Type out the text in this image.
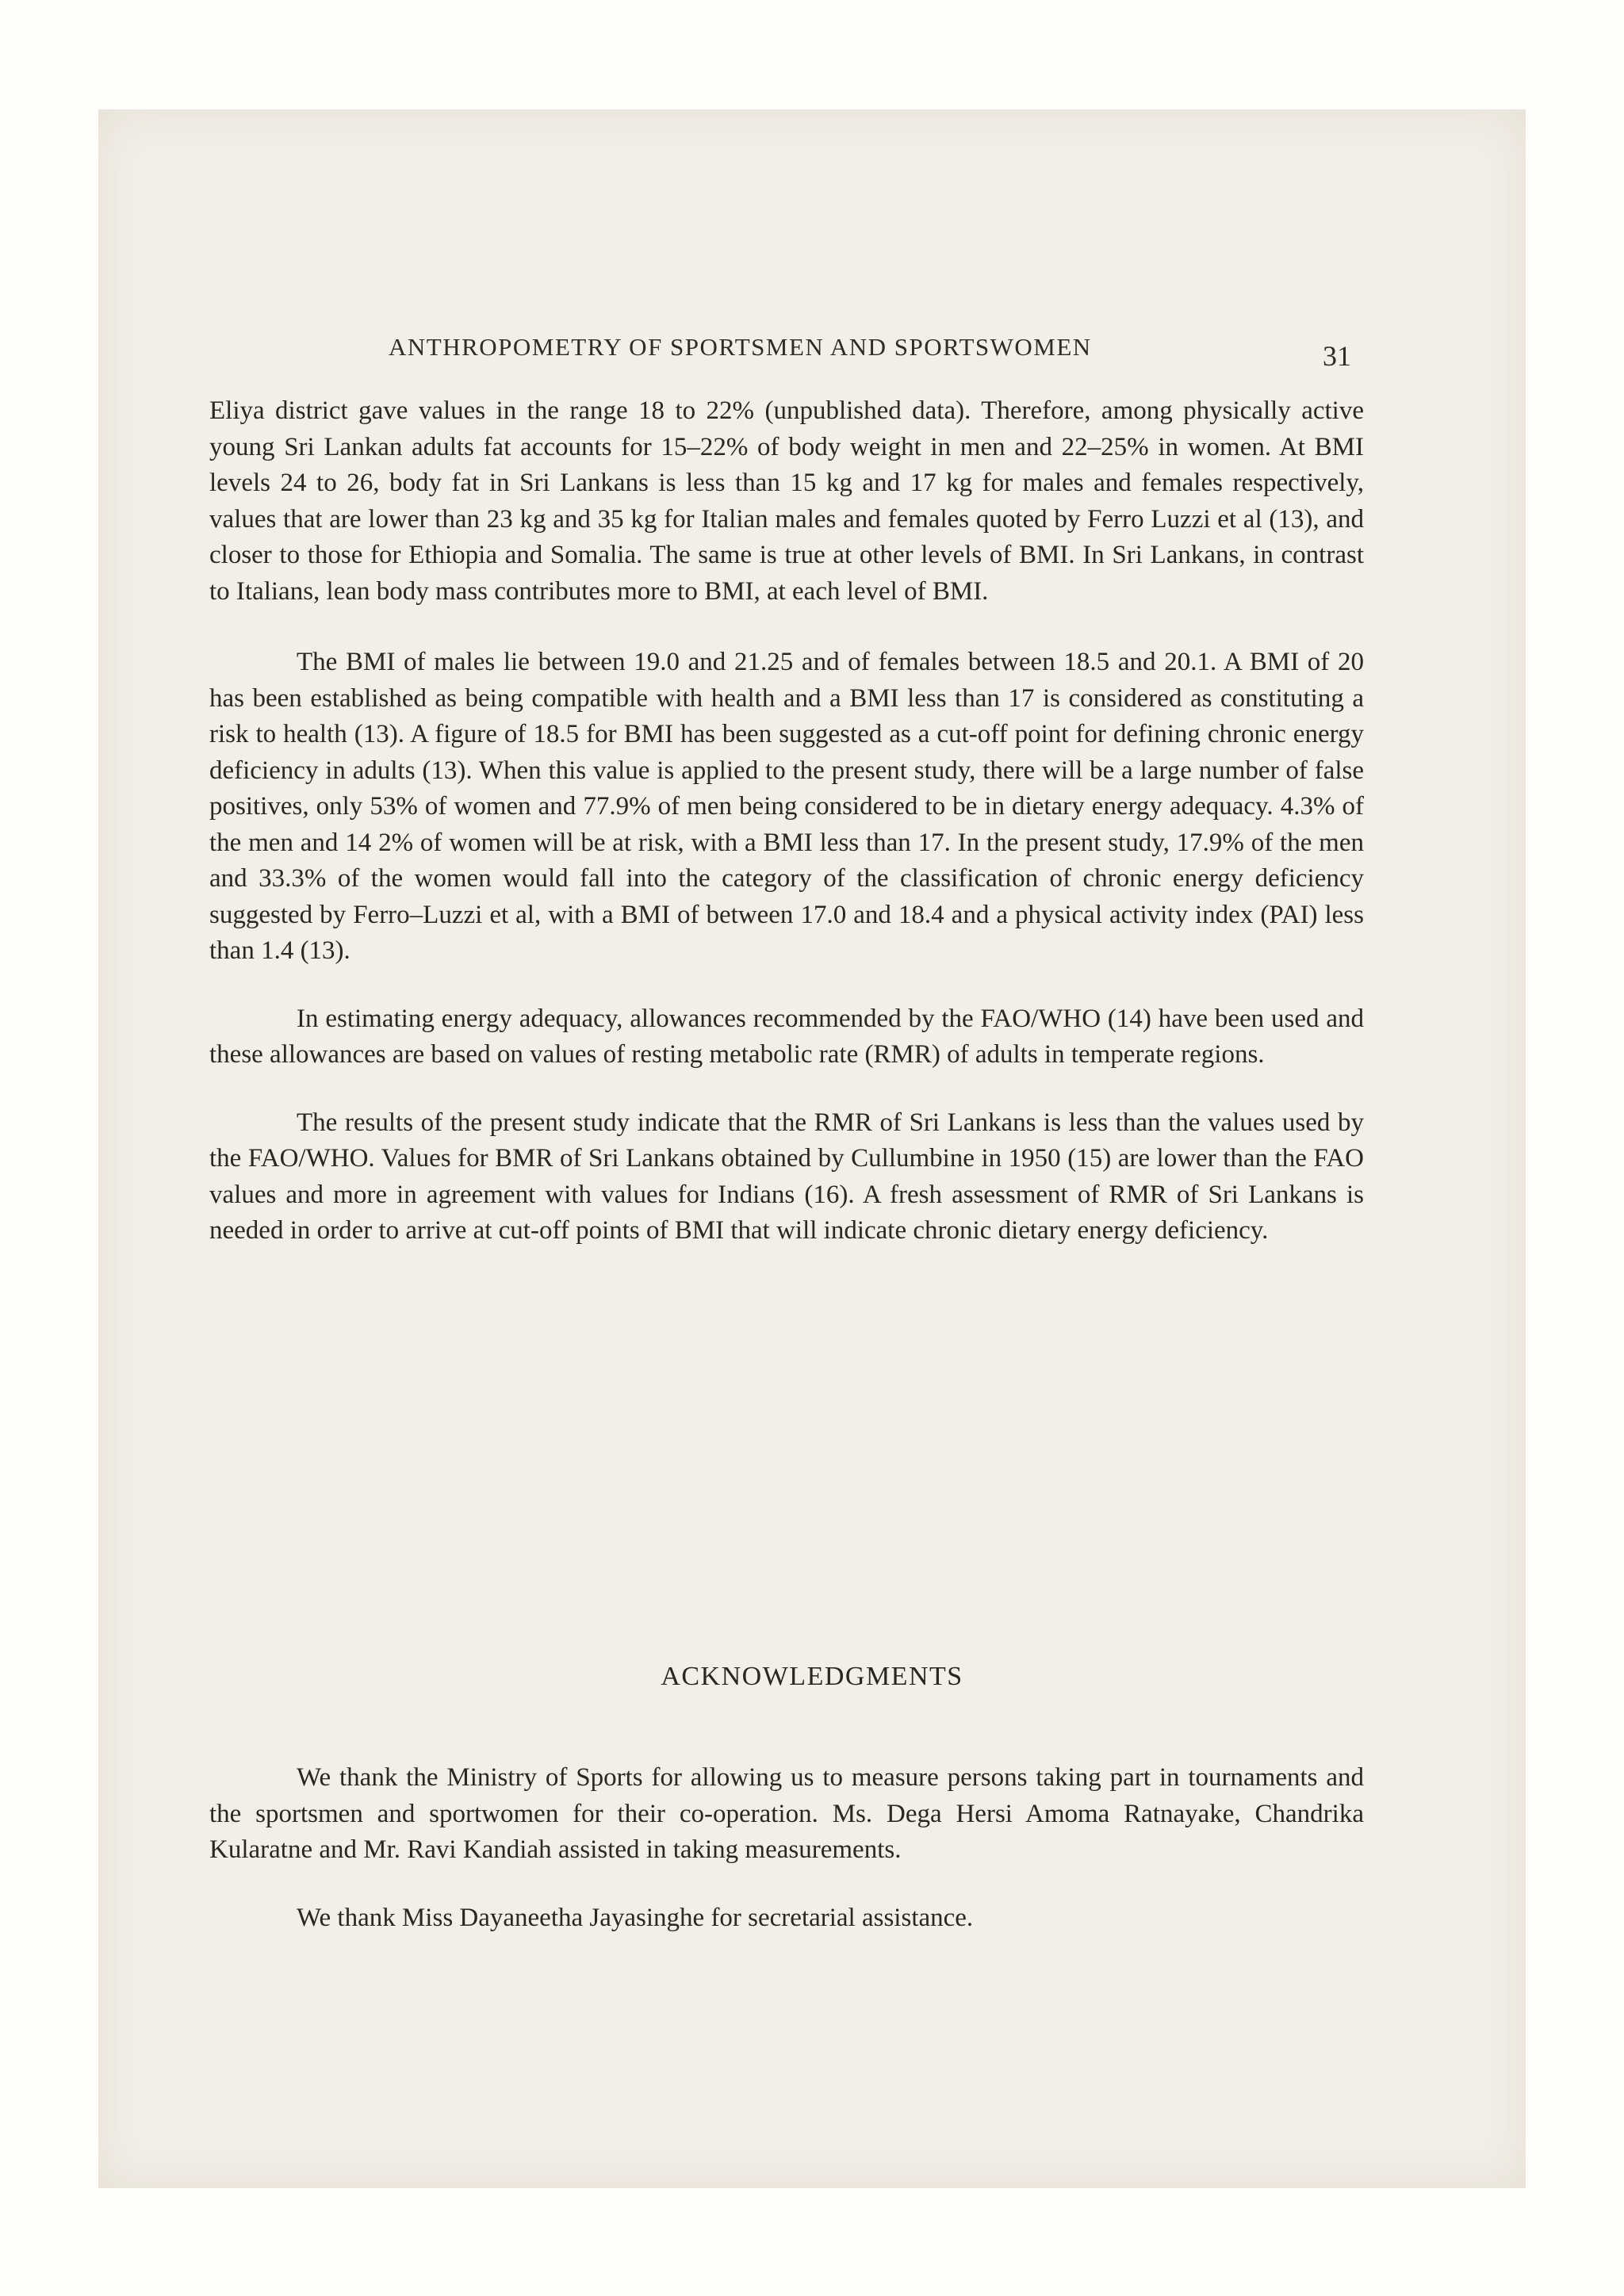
ANTHROPOMETRY OF SPORTSMEN AND SPORTSWOMEN	31

Eliya district gave values in the range 18 to 22% (unpublished data). Therefore, among physically active young Sri Lankan adults fat accounts for 15–22% of body weight in men and 22–25% in women. At BMI levels 24 to 26, body fat in Sri Lankans is less than 15 kg and 17 kg for males and females respectively, values that are lower than 23 kg and 35 kg for Italian males and females quoted by Ferro Luzzi et al (13), and closer to those for Ethiopia and Somalia. The same is true at other levels of BMI. In Sri Lankans, in contrast to Italians, lean body mass contributes more to BMI, at each level of BMI.

The BMI of males lie between 19.0 and 21.25 and of females between 18.5 and 20.1. A BMI of 20 has been established as being compatible with health and a BMI less than 17 is considered as constituting a risk to health (13). A figure of 18.5 for BMI has been suggested as a cut-off point for defining chronic energy deficiency in adults (13). When this value is applied to the present study, there will be a large number of false positives, only 53% of women and 77.9% of men being considered to be in dietary energy adequacy. 4.3% of the men and 14 2% of women will be at risk, with a BMI less than 17. In the present study, 17.9% of the men and 33.3% of the women would fall into the category of the classification of chronic energy deficiency suggested by Ferro–Luzzi et al, with a BMI of between 17.0 and 18.4 and a physical activity index (PAI) less than 1.4 (13).

In estimating energy adequacy, allowances recommended by the FAO/WHO (14) have been used and these allowances are based on values of resting metabolic rate (RMR) of adults in temperate regions.

The results of the present study indicate that the RMR of Sri Lankans is less than the values used by the FAO/WHO. Values for BMR of Sri Lankans obtained by Cullumbine in 1950 (15) are lower than the FAO values and more in agreement with values for Indians (16). A fresh assessment of RMR of Sri Lankans is needed in order to arrive at cut-off points of BMI that will indicate chronic dietary energy deficiency.

ACKNOWLEDGMENTS

We thank the Ministry of Sports for allowing us to measure persons taking part in tournaments and the sportsmen and sportwomen for their co-operation. Ms. Dega Hersi Amoma Ratnayake, Chandrika Kularatne and Mr. Ravi Kandiah assisted in taking measurements.

We thank Miss Dayaneetha Jayasinghe for secretarial assistance.
